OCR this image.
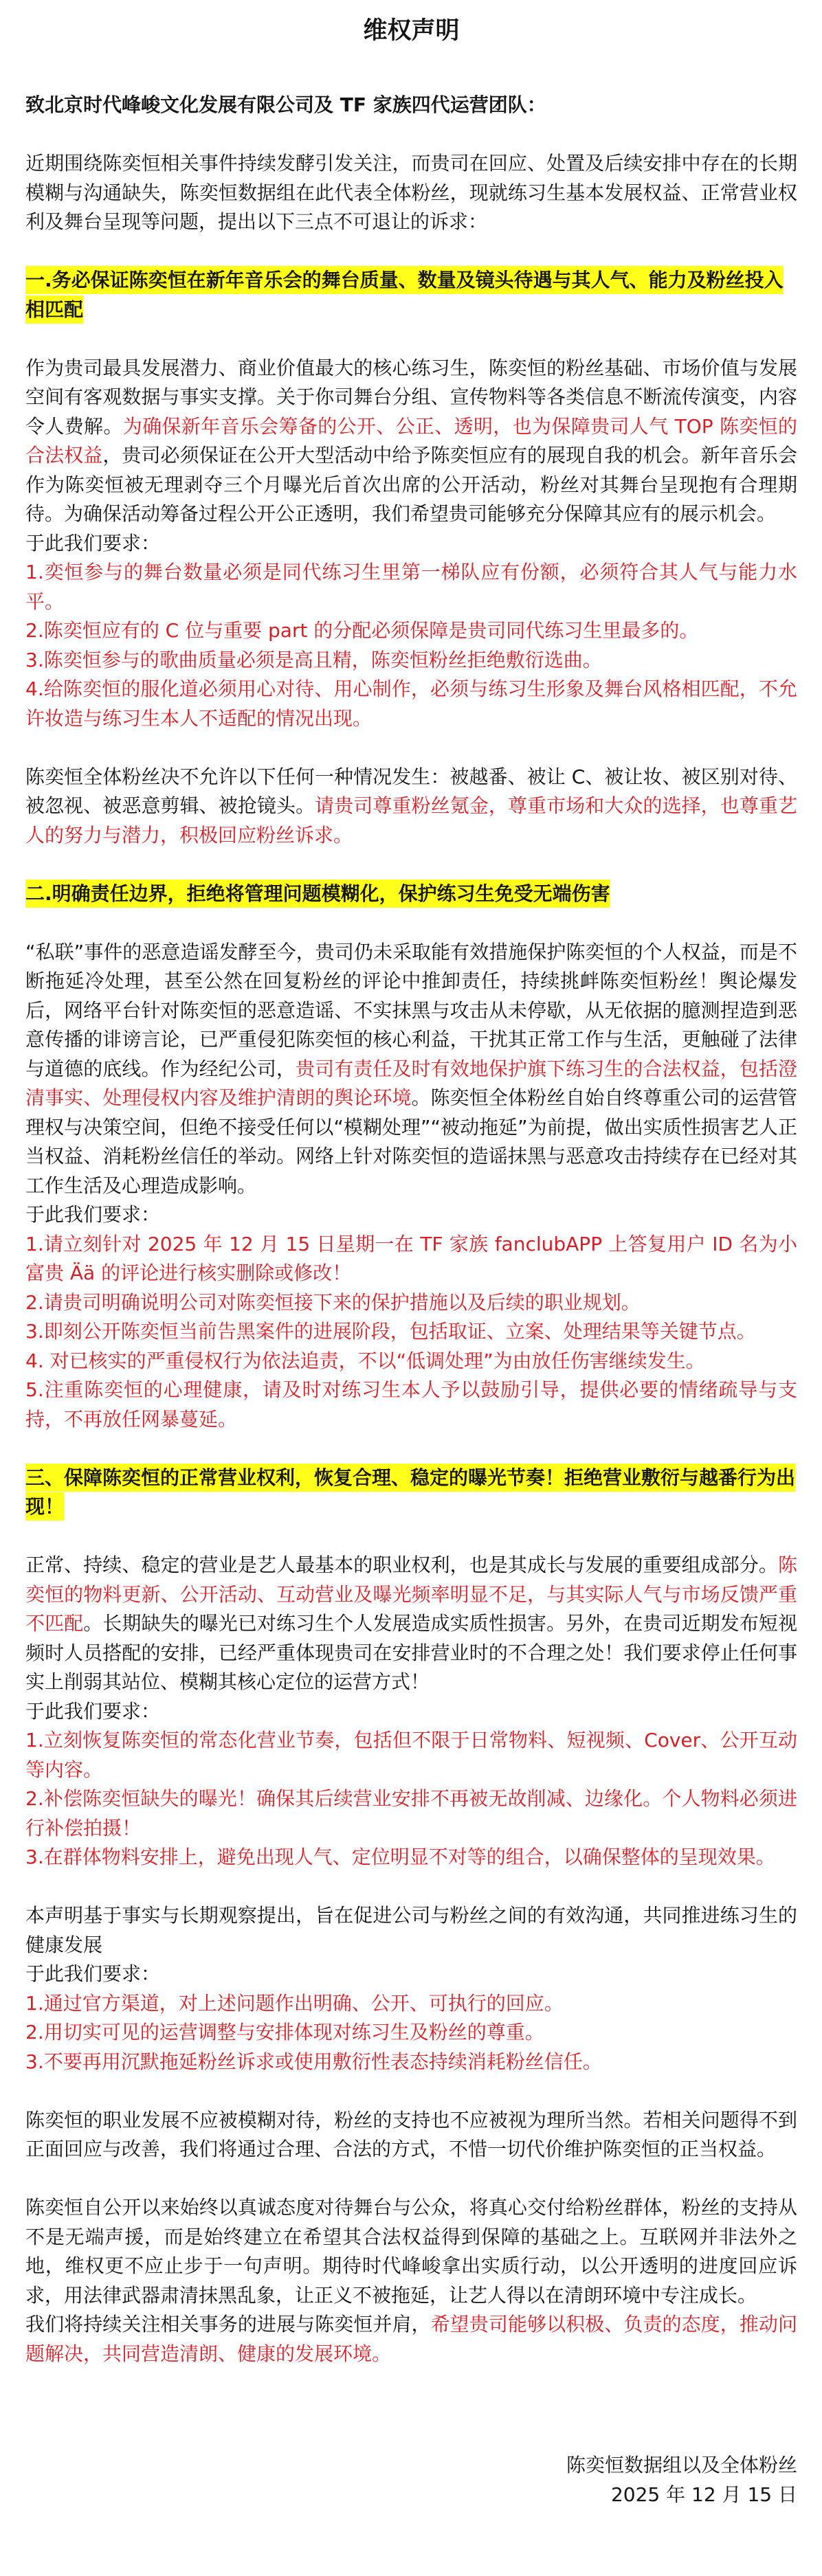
维权声明
致北京时代峰峻文化发展有限公司及 TF 家族四代运营团队：
近期围绕陈奕恒相关事件持续发酵引发关注，而贵司在回应、处置及后续安排中存在的长期模糊与沟通缺失，陈奕恒数据组在此代表全体粉丝，现就练习生基本发展权益、正常营业权利及舞台呈现等问题，提出以下三点不可退让的诉求：
一.务必保证陈奕恒在新年音乐会的舞台质量、数量及镜头待遇与其人气、能力及粉丝投入相匹配
作为贵司最具发展潜力、商业价值最大的核心练习生，陈奕恒的粉丝基础、市场价值与发展空间有客观数据与事实支撑。关于你司舞台分组、宣传物料等各类信息不断流传演变，内容令人费解。为确保新年音乐会筹备的公开、公正、透明，也为保障贵司人气 TOP 陈奕恒的合法权益，贵司必须保证在公开大型活动中给予陈奕恒应有的展现自我的机会。新年音乐会作为陈奕恒被无理剥夺三个月曝光后首次出席的公开活动，粉丝对其舞台呈现抱有合理期待。为确保活动筹备过程公开公正透明，我们希望贵司能够充分保障其应有的展示机会。
于此我们要求：
1.奕恒参与的舞台数量必须是同代练习生里第一梯队应有份额，必须符合其人气与能力水平。
2.陈奕恒应有的 C 位与重要 part 的分配必须保障是贵司同代练习生里最多的。
3.陈奕恒参与的歌曲质量必须是高且精，陈奕恒粉丝拒绝敷衍选曲。
4.给陈奕恒的服化道必须用心对待、用心制作，必须与练习生形象及舞台风格相匹配，不允许妆造与练习生本人不适配的情况出现。
陈奕恒全体粉丝决不允许以下任何一种情况发生：被越番、被让 C、被让妆、被区别对待、被忽视、被恶意剪辑、被抢镜头。请贵司尊重粉丝氪金，尊重市场和大众的选择，也尊重艺人的努力与潜力，积极回应粉丝诉求。
二.明确责任边界，拒绝将管理问题模糊化，保护练习生免受无端伤害
“私联”事件的恶意造谣发酵至今，贵司仍未采取能有效措施保护陈奕恒的个人权益，而是不断拖延冷处理，甚至公然在回复粉丝的评论中推卸责任，持续挑衅陈奕恒粉丝！舆论爆发后，网络平台针对陈奕恒的恶意造谣、不实抹黑与攻击从未停歇，从无依据的臆测捏造到恶意传播的诽谤言论，已严重侵犯陈奕恒的核心利益，干扰其正常工作与生活，更触碰了法律与道德的底线。作为经纪公司，贵司有责任及时有效地保护旗下练习生的合法权益，包括澄清事实、处理侵权内容及维护清朗的舆论环境。陈奕恒全体粉丝自始自终尊重公司的运营管理权与决策空间，但绝不接受任何以“模糊处理”“被动拖延”为前提，做出实质性损害艺人正当权益、消耗粉丝信任的举动。网络上针对陈奕恒的造谣抹黑与恶意攻击持续存在已经对其工作生活及心理造成影响。
于此我们要求：
1.请立刻针对 2025 年 12 月 15 日星期一在 TF 家族 fanclubAPP 上答复用户 ID 名为小富贵 Ää 的评论进行核实删除或修改！
2.请贵司明确说明公司对陈奕恒接下来的保护措施以及后续的职业规划。
3.即刻公开陈奕恒当前告黑案件的进展阶段，包括取证、立案、处理结果等关键节点。
4. 对已核实的严重侵权行为依法追责，不以“低调处理”为由放任伤害继续发生。
5.注重陈奕恒的心理健康，请及时对练习生本人予以鼓励引导，提供必要的情绪疏导与支持，不再放任网暴蔓延。
三、保障陈奕恒的正常营业权利，恢复合理、稳定的曝光节奏！拒绝营业敷衍与越番行为出现！
正常、持续、稳定的营业是艺人最基本的职业权利，也是其成长与发展的重要组成部分。陈奕恒的物料更新、公开活动、互动营业及曝光频率明显不足，与其实际人气与市场反馈严重不匹配。长期缺失的曝光已对练习生个人发展造成实质性损害。另外，在贵司近期发布短视频时人员搭配的安排，已经严重体现贵司在安排营业时的不合理之处！我们要求停止任何事实上削弱其站位、模糊其核心定位的运营方式！
于此我们要求：
1.立刻恢复陈奕恒的常态化营业节奏，包括但不限于日常物料、短视频、Cover、公开互动等内容。
2.补偿陈奕恒缺失的曝光！确保其后续营业安排不再被无故削减、边缘化。个人物料必须进行补偿拍摄！
3.在群体物料安排上，避免出现人气、定位明显不对等的组合，以确保整体的呈现效果。
本声明基于事实与长期观察提出，旨在促进公司与粉丝之间的有效沟通，共同推进练习生的健康发展
于此我们要求：
1.通过官方渠道，对上述问题作出明确、公开、可执行的回应。
2.用切实可见的运营调整与安排体现对练习生及粉丝的尊重。
3.不要再用沉默拖延粉丝诉求或使用敷衍性表态持续消耗粉丝信任。
陈奕恒的职业发展不应被模糊对待，粉丝的支持也不应被视为理所当然。若相关问题得不到正面回应与改善，我们将通过合理、合法的方式，不惜一切代价维护陈奕恒的正当权益。
陈奕恒自公开以来始终以真诚态度对待舞台与公众，将真心交付给粉丝群体，粉丝的支持从不是无端声援，而是始终建立在希望其合法权益得到保障的基础之上。互联网并非法外之地，维权更不应止步于一句声明。期待时代峰峻拿出实质行动，以公开透明的进度回应诉求，用法律武器肃清抹黑乱象，让正义不被拖延，让艺人得以在清朗环境中专注成长。
我们将持续关注相关事务的进展与陈奕恒并肩，希望贵司能够以积极、负责的态度，推动问题解决，共同营造清朗、健康的发展环境。
陈奕恒数据组以及全体粉丝
2025 年 12 月 15 日
